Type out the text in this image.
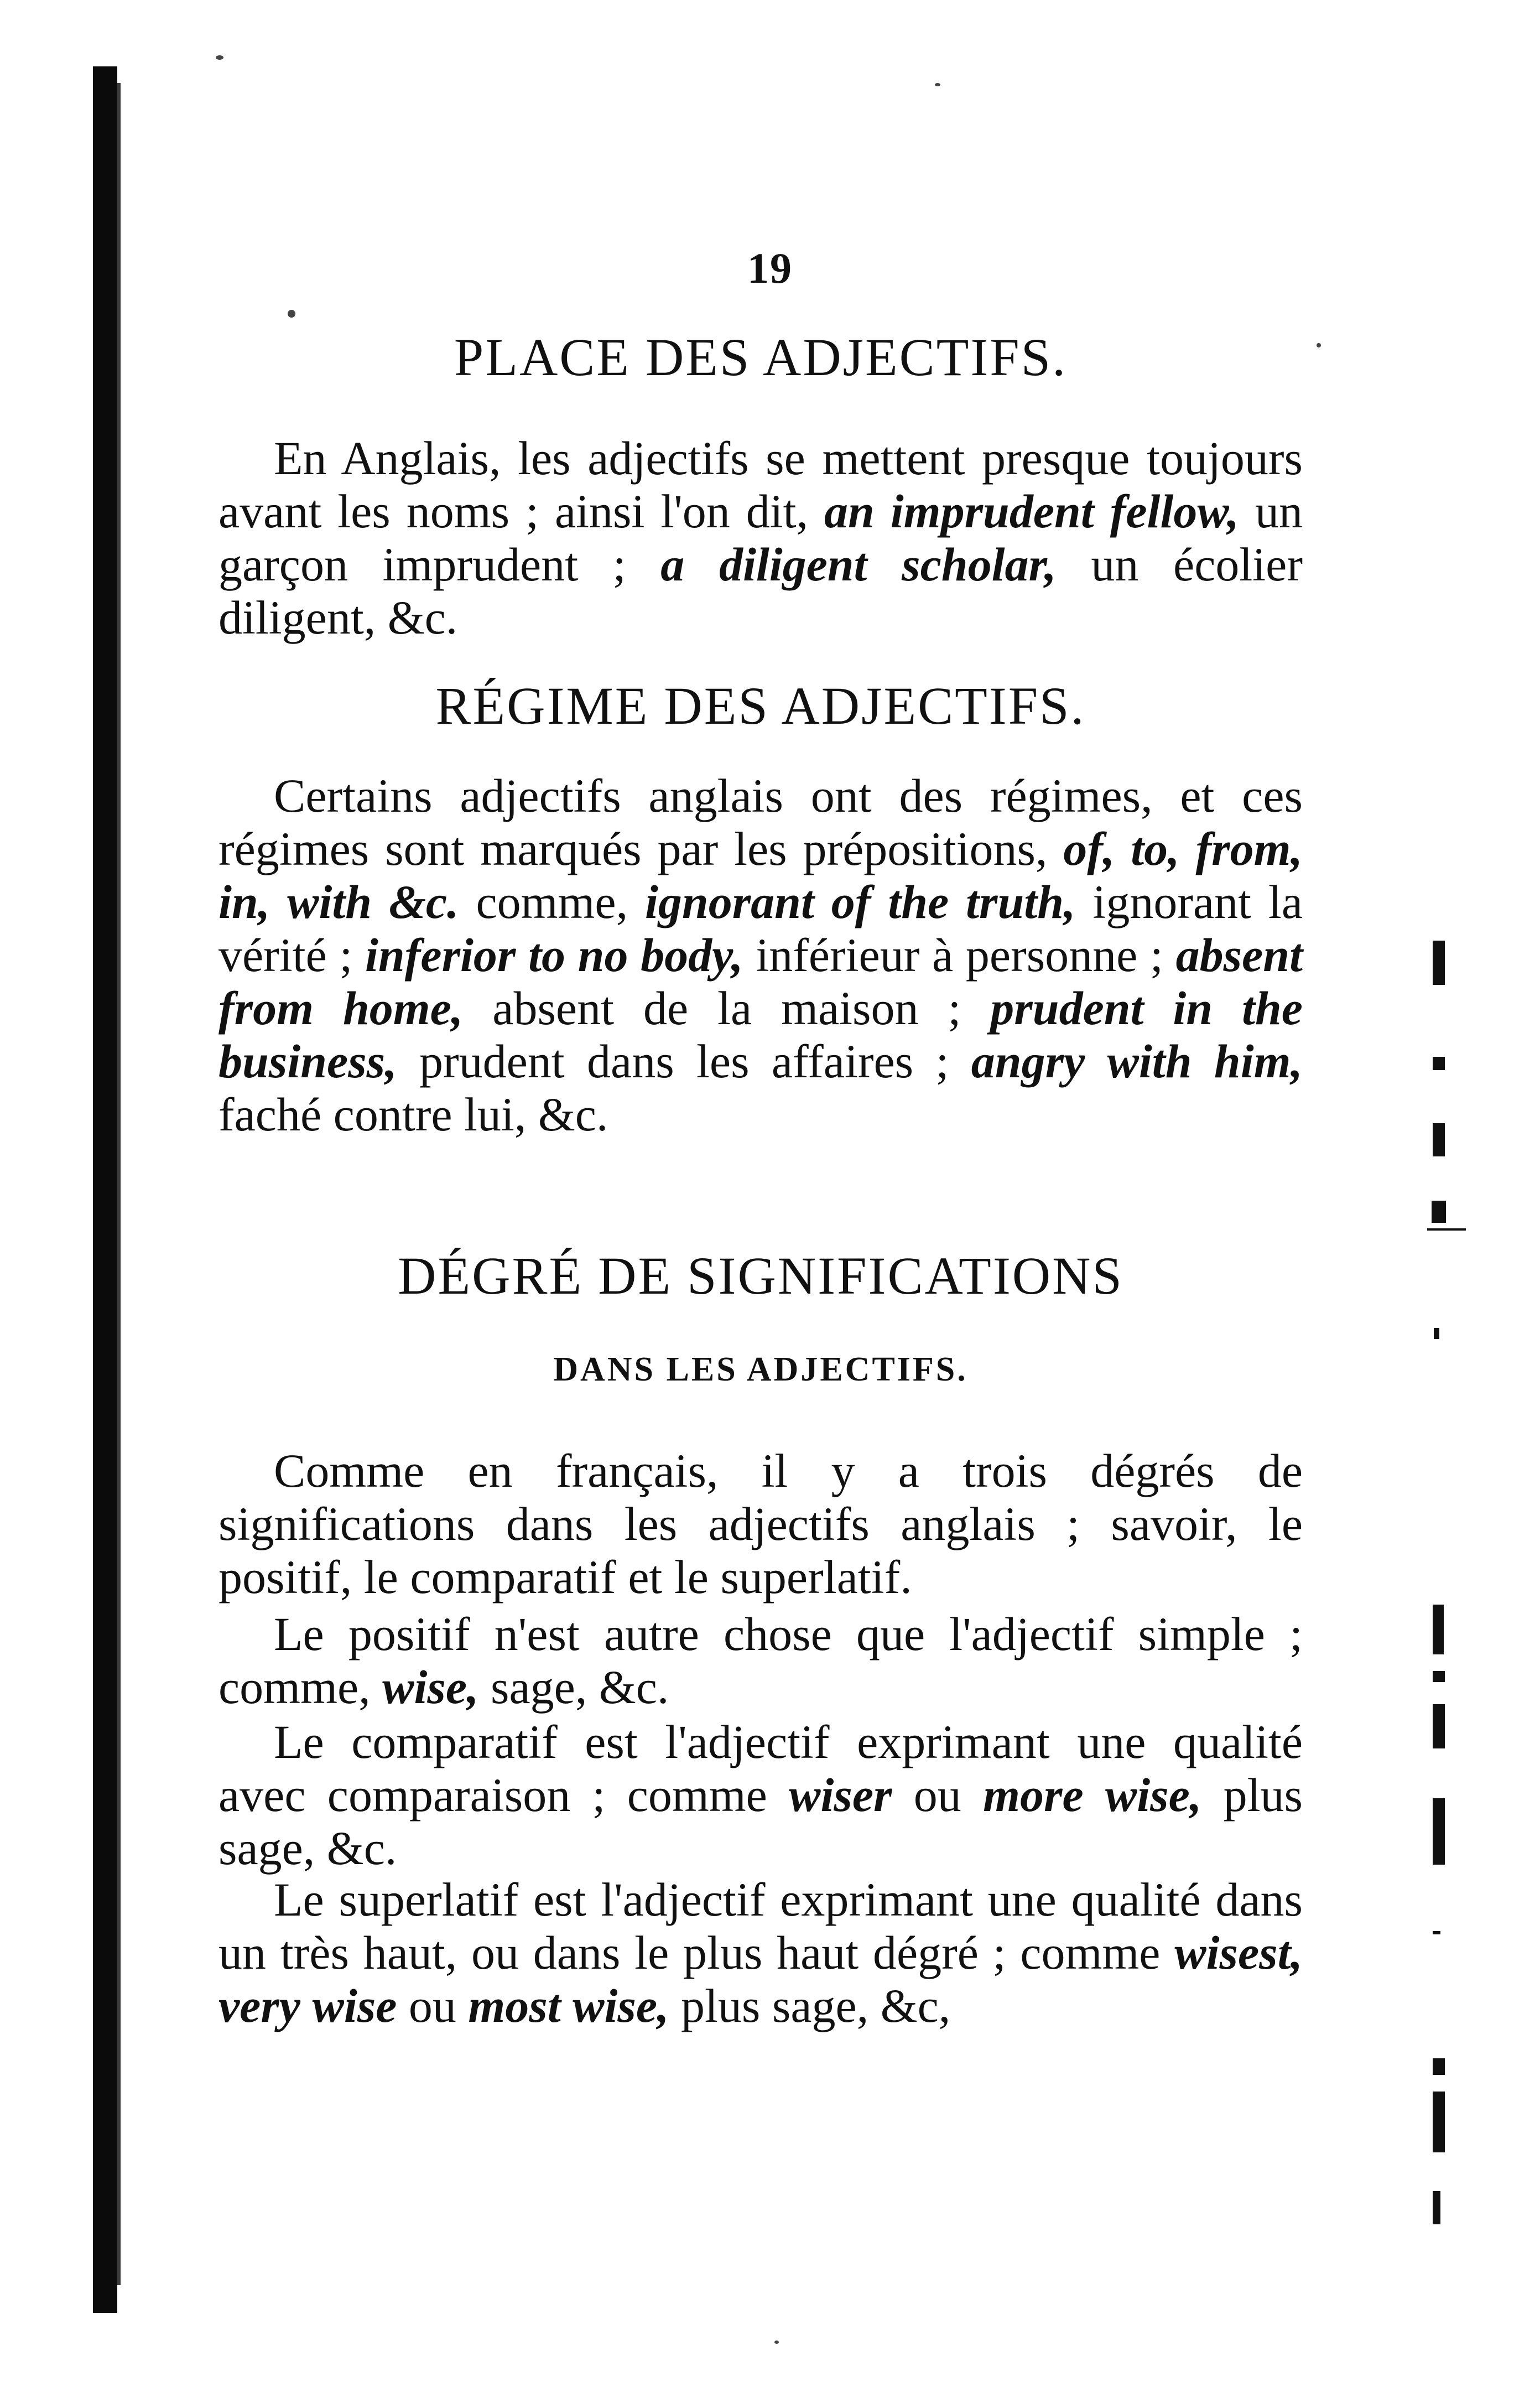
19
PLACE DES ADJECTIFS.

En Anglais, les adjectifs se mettent presque toujours avant les noms ; ainsi l'on dit, an imprudent fellow, un garçon imprudent ; a diligent scholar, un écolier diligent, &c.

RÉGIME DES ADJECTIFS.

Certains adjectifs anglais ont des régimes, et ces régimes sont marqués par les prépositions, of, to, from, in, with &c. comme, ignorant of the truth, ignorant la vérité ; inferior to no body, inférieur à personne ; absent from home, absent de la maison ; prudent in the business, prudent dans les affaires ; angry with him, faché contre lui, &c.

DÉGRÉ DE SIGNIFICATIONS
DANS LES ADJECTIFS.

Comme en français, il y a trois dégrés de significations dans les adjectifs anglais ; savoir, le positif, le comparatif et le superlatif.

Le positif n'est autre chose que l'adjectif simple ; comme, wise, sage, &c.

Le comparatif est l'adjectif exprimant une qualité avec comparaison ; comme wiser ou more wise, plus sage, &c.

Le superlatif est l'adjectif exprimant une qualité dans un très haut, ou dans le plus haut dégré ; comme wisest, very wise ou most wise, plus sage, &c,
